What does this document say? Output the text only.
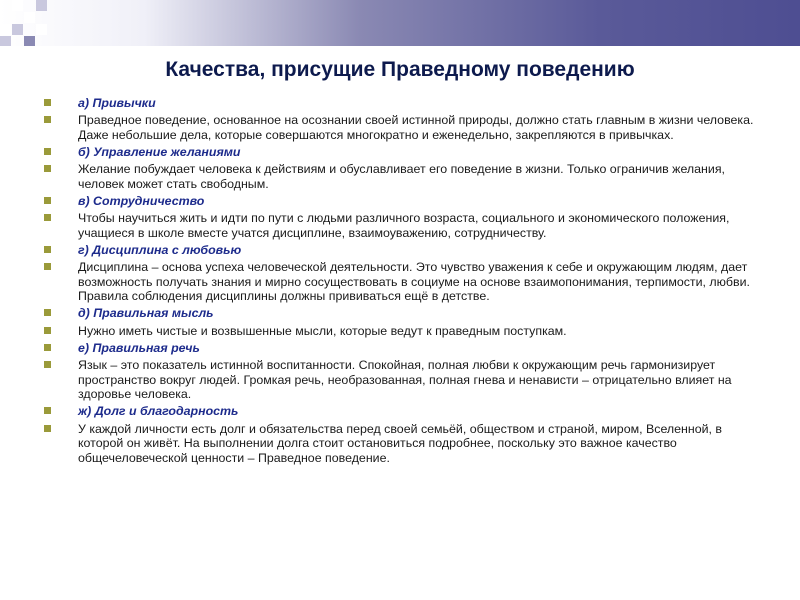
Качества, присущие Праведному поведению
а) Привычки
Праведное поведение, основанное на осознании своей истинной природы, должно стать главным в жизни человека. Даже небольшие дела, которые совершаются многократно и еженедельно, закрепляются в привычках.
б) Управление желаниями
Желание побуждает человека к действиям и обуславливает его поведение в жизни. Только ограничив желания, человек может стать свободным.
в) Сотрудничество
Чтобы научиться жить и идти по пути с людьми различного возраста, социального и экономического положения, учащиеся в школе вместе учатся дисциплине, взаимоуважению, сотрудничеству.
г) Дисциплина с любовью
Дисциплина – основа успеха человеческой деятельности. Это чувство уважения к себе и окружающим людям, дает возможность получать знания и мирно сосуществовать в социуме на основе взаимопонимания, терпимости, любви. Правила соблюдения дисциплины должны прививаться ещё в детстве.
д) Правильная мысль
Нужно иметь чистые и возвышенные мысли, которые ведут к праведным поступкам.
е) Правильная речь
Язык – это показатель истинной воспитанности. Спокойная, полная любви к окружающим речь гармонизирует пространство вокруг людей. Громкая речь, необразованная, полная гнева и ненависти – отрицательно влияет на здоровье человека.
ж) Долг и благодарность
У каждой личности есть долг и обязательства перед своей семьёй, обществом и страной, миром, Вселенной, в которой он живёт. На выполнении долга стоит остановиться подробнее, поскольку это важное качество общечеловеческой ценности – Праведное поведение.
